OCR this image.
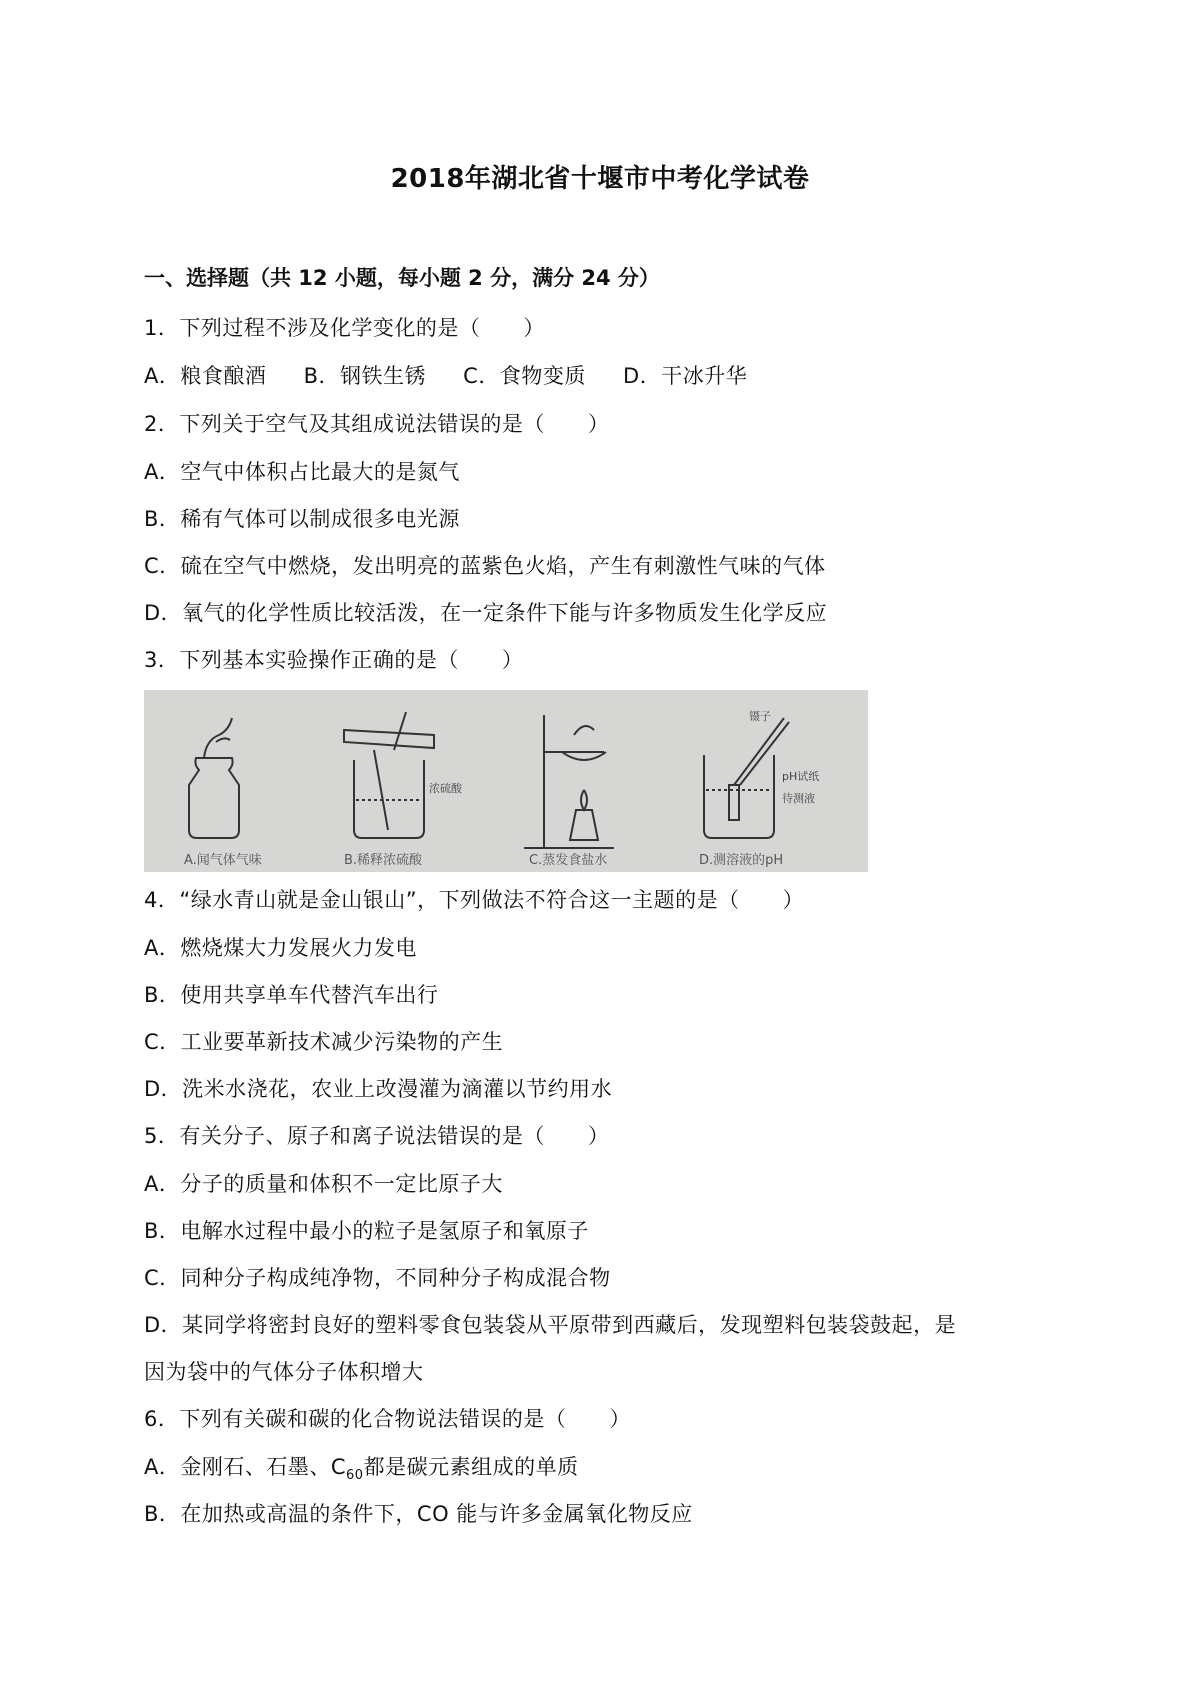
2018年湖北省十堰市中考化学试卷
一、选择题（共 12 小题，每小题 2 分，满分 24 分）
1．下列过程不涉及化学变化的是（　　）
A．粮食酿酒 B．钢铁生锈 C．食物变质 D．干冰升华
2．下列关于空气及其组成说法错误的是（　　）
A．空气中体积占比最大的是氮气
B．稀有气体可以制成很多电光源
C．硫在空气中燃烧，发出明亮的蓝紫色火焰，产生有刺激性气味的气体
D．氧气的化学性质比较活泼，在一定条件下能与许多物质发生化学反应
3．下列基本实验操作正确的是（　　）
浓硫酸
镊子
pH试纸
待测液
A.闻气体气味	B.稀释浓硫酸	C.蒸发食盐水	D.测溶液的pH
4．“绿水青山就是金山银山”，下列做法不符合这一主题的是（　　）
A．燃烧煤大力发展火力发电
B．使用共享单车代替汽车出行
C．工业要革新技术减少污染物的产生
D．洗米水浇花，农业上改漫灌为滴灌以节约用水
5．有关分子、原子和离子说法错误的是（　　）
A．分子的质量和体积不一定比原子大
B．电解水过程中最小的粒子是氢原子和氧原子
C．同种分子构成纯净物，不同种分子构成混合物
D．某同学将密封良好的塑料零食包装袋从平原带到西藏后，发现塑料包装袋鼓起，是
因为袋中的气体分子体积增大
6．下列有关碳和碳的化合物说法错误的是（　　）
A．金刚石、石墨、$C_{60}$都是碳元素组成的单质
B．在加热或高温的条件下，CO 能与许多金属氧化物反应
